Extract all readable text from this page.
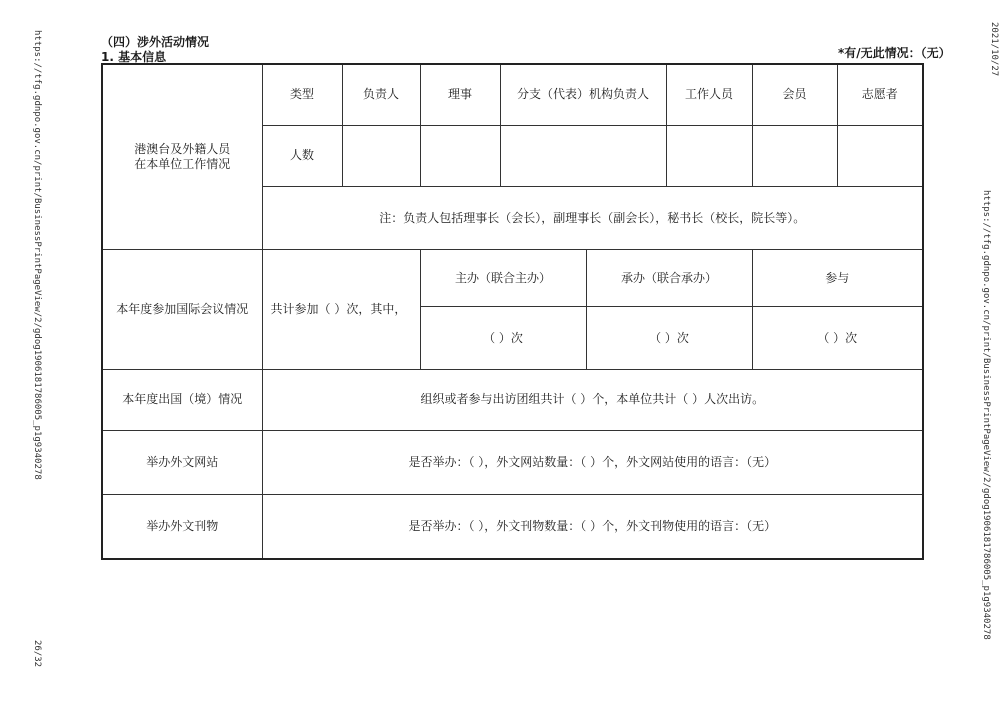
（四）涉外活动情况
1. 基本信息	*有/无此情况：（无）
https://tfg.gdnpo.gov.cn/print/BusinessPrintPageView/2/gdog19061817860​05_p1g9340278	2021/10/27
https://tfg.gdnpo.gov.cn/print/BusinessPrintPageView/2/gdog190618178600​5_p1g9340278
26/32
港澳台及外籍人员
在本单位工作情况	类型	负责人	理事	分支（代表）机构负责人		工作人员	会员	志愿者
	人数							
	注：负责人包括理事长（会长），副理事长（副会长），秘书长（校长，院长等）。							
本年度参加国际会议情况	共计参加（ ）次，其中，		主办（联合主办）		承办（联合承办）		参与	
			（ ）次		（ ）次		（ ）次	
本年度出国（境）情况	组织或者参与出访团组共计（ ）个，本单位共计（ ）人次出访。							
举办外文网站	是否举办：（ ），外文网站数量：（ ）个，外文网站使用的语言：（无）							
举办外文刊物	是否举办：（ ），外文刊物数量：（ ）个，外文刊物使用的语言：（无）							
